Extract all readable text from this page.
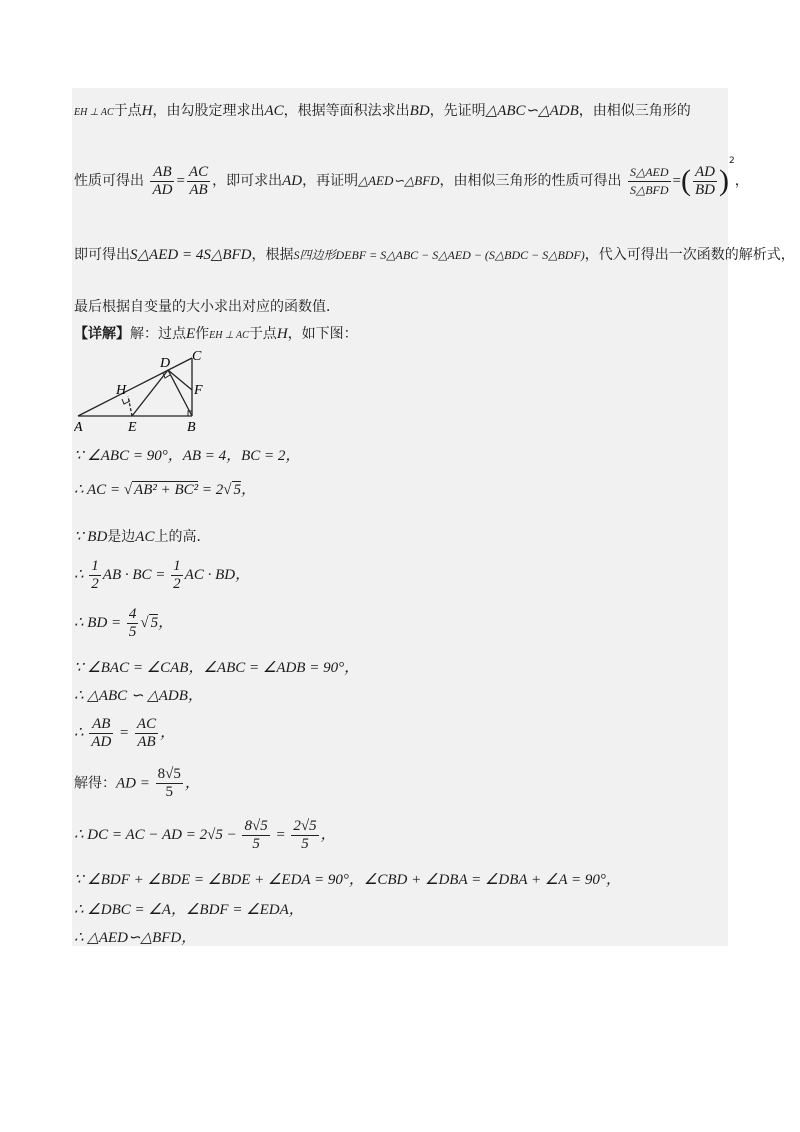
EH ⊥ AC于点H，由勾股定理求出AC，根据等面积法求出BD，先证明△ABC∽△ADB，由相似三角形的
性质可得出 $\frac{AB}{AD} = \frac{AC}{AB}$ ，即可求出AD，再证明△AED∽△BFD，由相似三角形的性质可得出 $\frac{\text{S△AED}}{\text{S△BFD}}$ =( $\frac{AD}{BD} )^2$，
即可得出S△AED = 4S△BFD，根据S四边形DEBF = S△ABC − S△AED − (S△BDC − S△BDF)，代入可得出一次函数的解析式，
最后根据自变量的大小求出对应的函数值．
【详解】解：过点E作EH ⊥ AC于点H，如下图：
A	B
C
D
E
F
H
∵ ∠ABC = 90°，AB = 4，BC = 2，
∴ AC = √ AB² + BC² = 2√ 5，
∵ BD是边AC上的高．
∴ $\frac{1}{2}$ AB · BC = $\frac{1}{2}$ AC · BD，
∴ BD = $\frac{4}{5}$ √ 5，
∵ ∠BAC = ∠CAB，∠ABC = ∠ADB = 90°，
∴ △ABC ∽ △ADB，
∴ $\frac{AB}{AD} = \frac{AC}{AB}$ ，
解得：AD = $\frac{8√5}{5}$ ，
∴ DC = AC − AD = $2√5 - \frac{8√5}{5} = \frac{2√5}{5}$ ，
∵ ∠BDF + ∠BDE = ∠BDE + ∠EDA = 90°，∠CBD + ∠DBA = ∠DBA + ∠A = 90°，
∴ ∠DBC = ∠A，∠BDF = ∠EDA，
∴ △AED∽△BFD，
